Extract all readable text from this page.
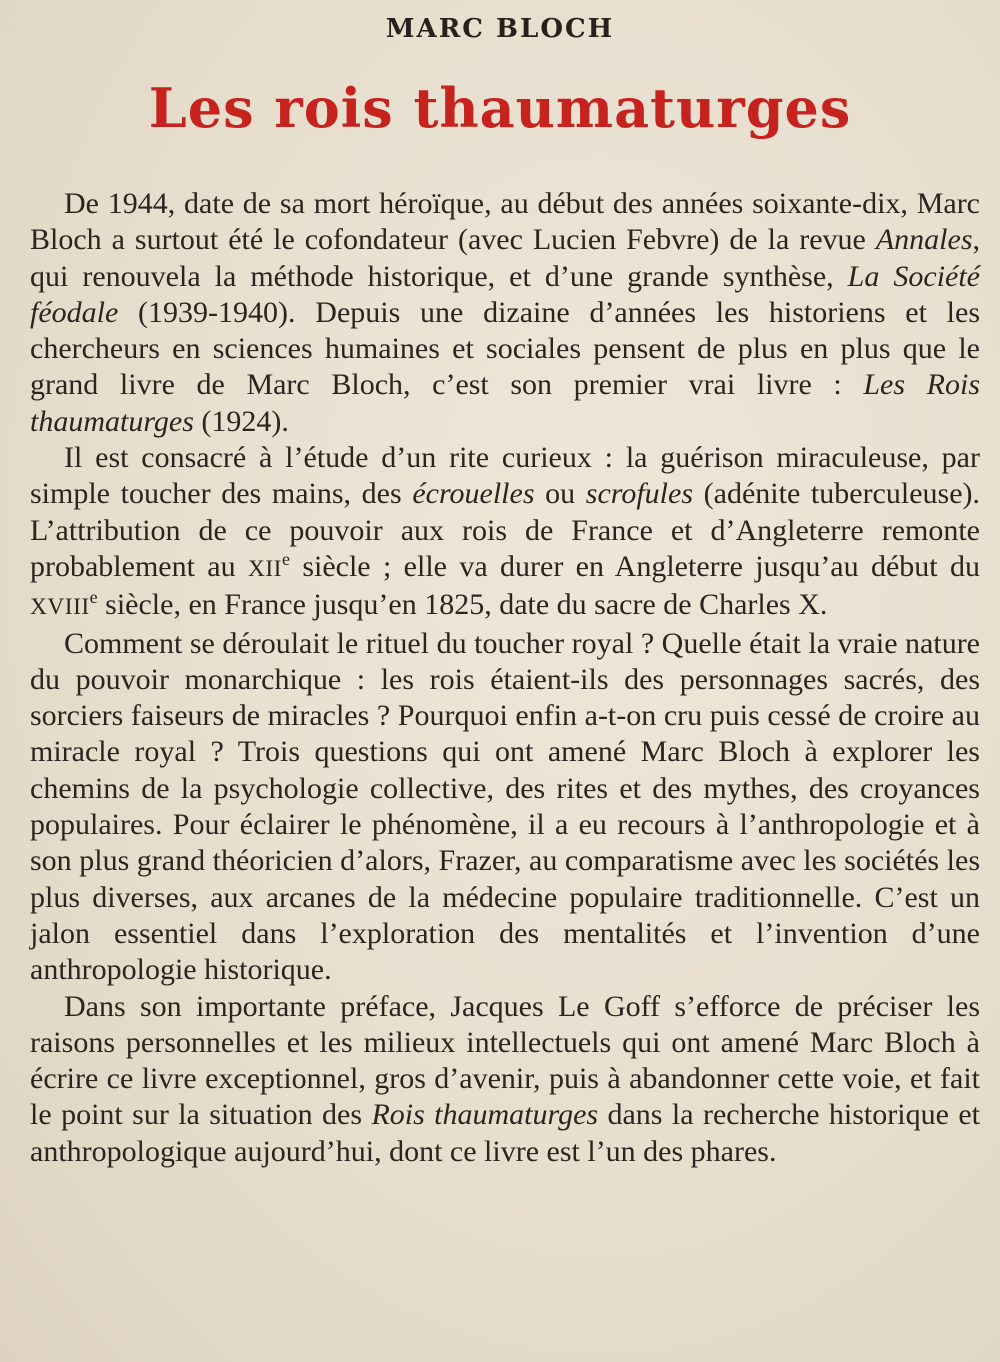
MARC BLOCH
Les rois thaumaturges

De 1944, date de sa mort héroïque, au début des années soixante-dix, Marc Bloch a surtout été le cofondateur (avec Lucien Febvre) de la revue Annales, qui renouvela la méthode historique, et d’une grande synthèse, La Société féodale (1939-1940). Depuis une dizaine d’années les historiens et les chercheurs en sciences humaines et sociales pensent de plus en plus que le grand livre de Marc Bloch, c’est son premier vrai livre : Les Rois thaumaturges (1924).

Il est consacré à l’étude d’un rite curieux : la guérison miraculeuse, par simple toucher des mains, des écrouelles ou scrofules (adénite tuberculeuse). L’attribution de ce pouvoir aux rois de France et d’Angleterre remonte probablement au XIIe siècle ; elle va durer en Angleterre jusqu’au début du XVIIIe siècle, en France jusqu’en 1825, date du sacre de Charles X.

Comment se déroulait le rituel du toucher royal ? Quelle était la vraie nature du pouvoir monarchique : les rois étaient-ils des personnages sacrés, des sorciers faiseurs de miracles ? Pourquoi enfin a-t-on cru puis cessé de croire au miracle royal ? Trois questions qui ont amené Marc Bloch à explorer les chemins de la psychologie collective, des rites et des mythes, des croyances populaires. Pour éclairer le phénomène, il a eu recours à l’anthropologie et à son plus grand théoricien d’alors, Frazer, au comparatisme avec les sociétés les plus diverses, aux arcanes de la médecine populaire traditionnelle. C’est un jalon essentiel dans l’exploration des mentalités et l’invention d’une anthropologie historique.

Dans son importante préface, Jacques Le Goff s’efforce de préciser les raisons personnelles et les milieux intellectuels qui ont amené Marc Bloch à écrire ce livre exceptionnel, gros d’avenir, puis à abandonner cette voie, et fait le point sur la situation des Rois thaumaturges dans la recherche historique et anthropologique aujourd’hui, dont ce livre est l’un des phares.
